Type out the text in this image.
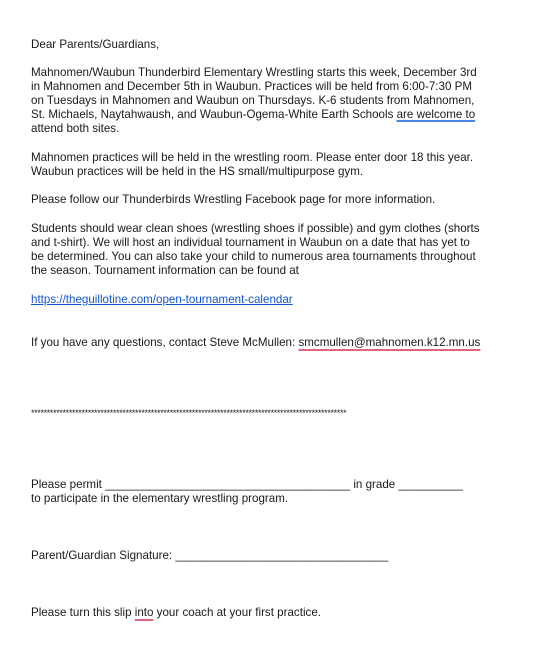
Dear Parents/Guardians,
Mahnomen/Waubun Thunderbird Elementary Wrestling starts this week, December 3rd
in Mahnomen and December 5th in Waubun. Practices will be held from 6:00-7:30 PM
on Tuesdays in Mahnomen and Waubun on Thursdays. K-6 students from Mahnomen,
St. Michaels, Naytahwaush, and Waubun-Ogema-White Earth Schools are welcome to
attend both sites.
Mahnomen practices will be held in the wrestling room. Please enter door 18 this year.
Waubun practices will be held in the HS small/multipurpose gym.
Please follow our Thunderbirds Wrestling Facebook page for more information.
Students should wear clean shoes (wrestling shoes if possible) and gym clothes (shorts
and t-shirt). We will host an individual tournament in Waubun on a date that has yet to
be determined. You can also take your child to numerous area tournaments throughout
the season. Tournament information can be found at
https://theguillotine.com/open-tournament-calendar
If you have any questions, contact Steve McMullen: smcmullen@mahnomen.k12.mn.us
****************************************************************************************************
Please permit ______________________________________ in grade __________
to participate in the elementary wrestling program.
Parent/Guardian Signature: _________________________________
Please turn this slip into your coach at your first practice.
